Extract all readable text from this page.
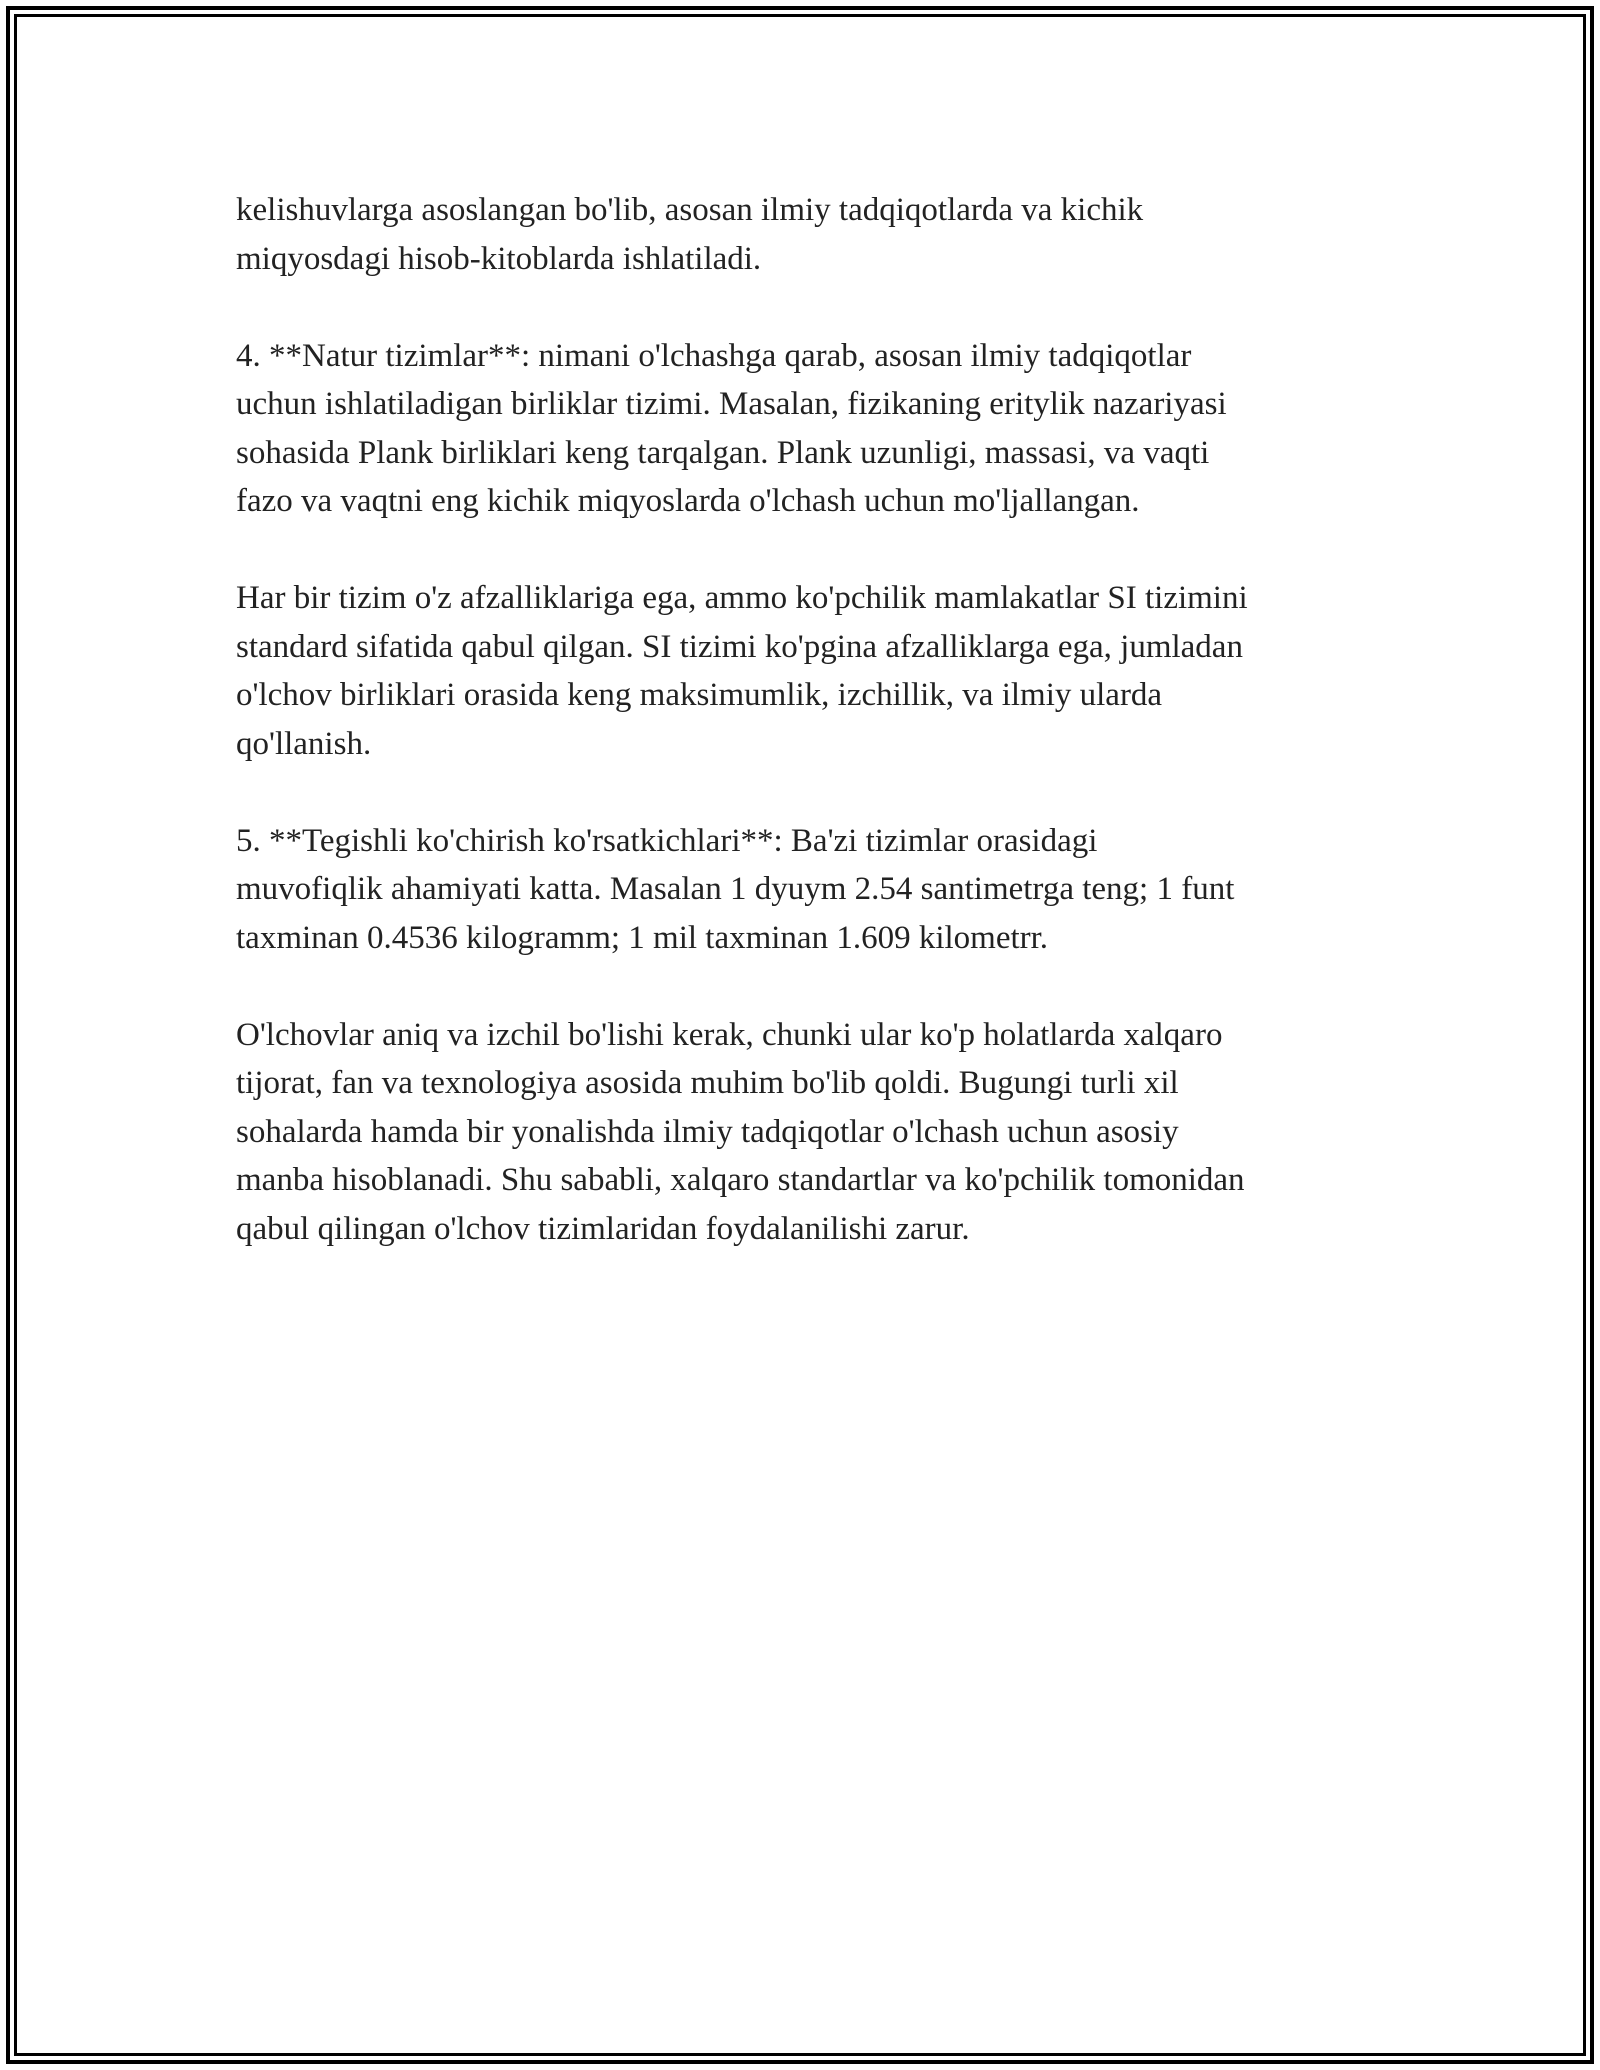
kelishuvlarga asoslangan bo'lib, asosan ilmiy tadqiqotlarda va kichik
miqyosdagi hisob-kitoblarda ishlatiladi.

4. **Natur tizimlar**: nimani o'lchashga qarab, asosan ilmiy tadqiqotlar
uchun ishlatiladigan birliklar tizimi. Masalan, fizikaning eritylik nazariyasi
sohasida Plank birliklari keng tarqalgan. Plank uzunligi, massasi, va vaqti
fazo va vaqtni eng kichik miqyoslarda o'lchash uchun mo'ljallangan.

Har bir tizim o'z afzalliklariga ega, ammo ko'pchilik mamlakatlar SI tizimini
standard sifatida qabul qilgan. SI tizimi ko'pgina afzalliklarga ega, jumladan
o'lchov birliklari orasida keng maksimumlik, izchillik, va ilmiy ularda
qo'llanish.

5. **Tegishli ko'chirish ko'rsatkichlari**: Ba'zi tizimlar orasidagi
muvofiqlik ahamiyati katta. Masalan 1 dyuym 2.54 santimetrga teng; 1 funt
taxminan 0.4536 kilogramm; 1 mil taxminan 1.609 kilometrr.

O'lchovlar aniq va izchil bo'lishi kerak, chunki ular ko'p holatlarda xalqaro
tijorat, fan va texnologiya asosida muhim bo'lib qoldi. Bugungi turli xil
sohalarda hamda bir yonalishda ilmiy tadqiqotlar o'lchash uchun asosiy
manba hisoblanadi. Shu sababli, xalqaro standartlar va ko'pchilik tomonidan
qabul qilingan o'lchov tizimlaridan foydalanilishi zarur.
